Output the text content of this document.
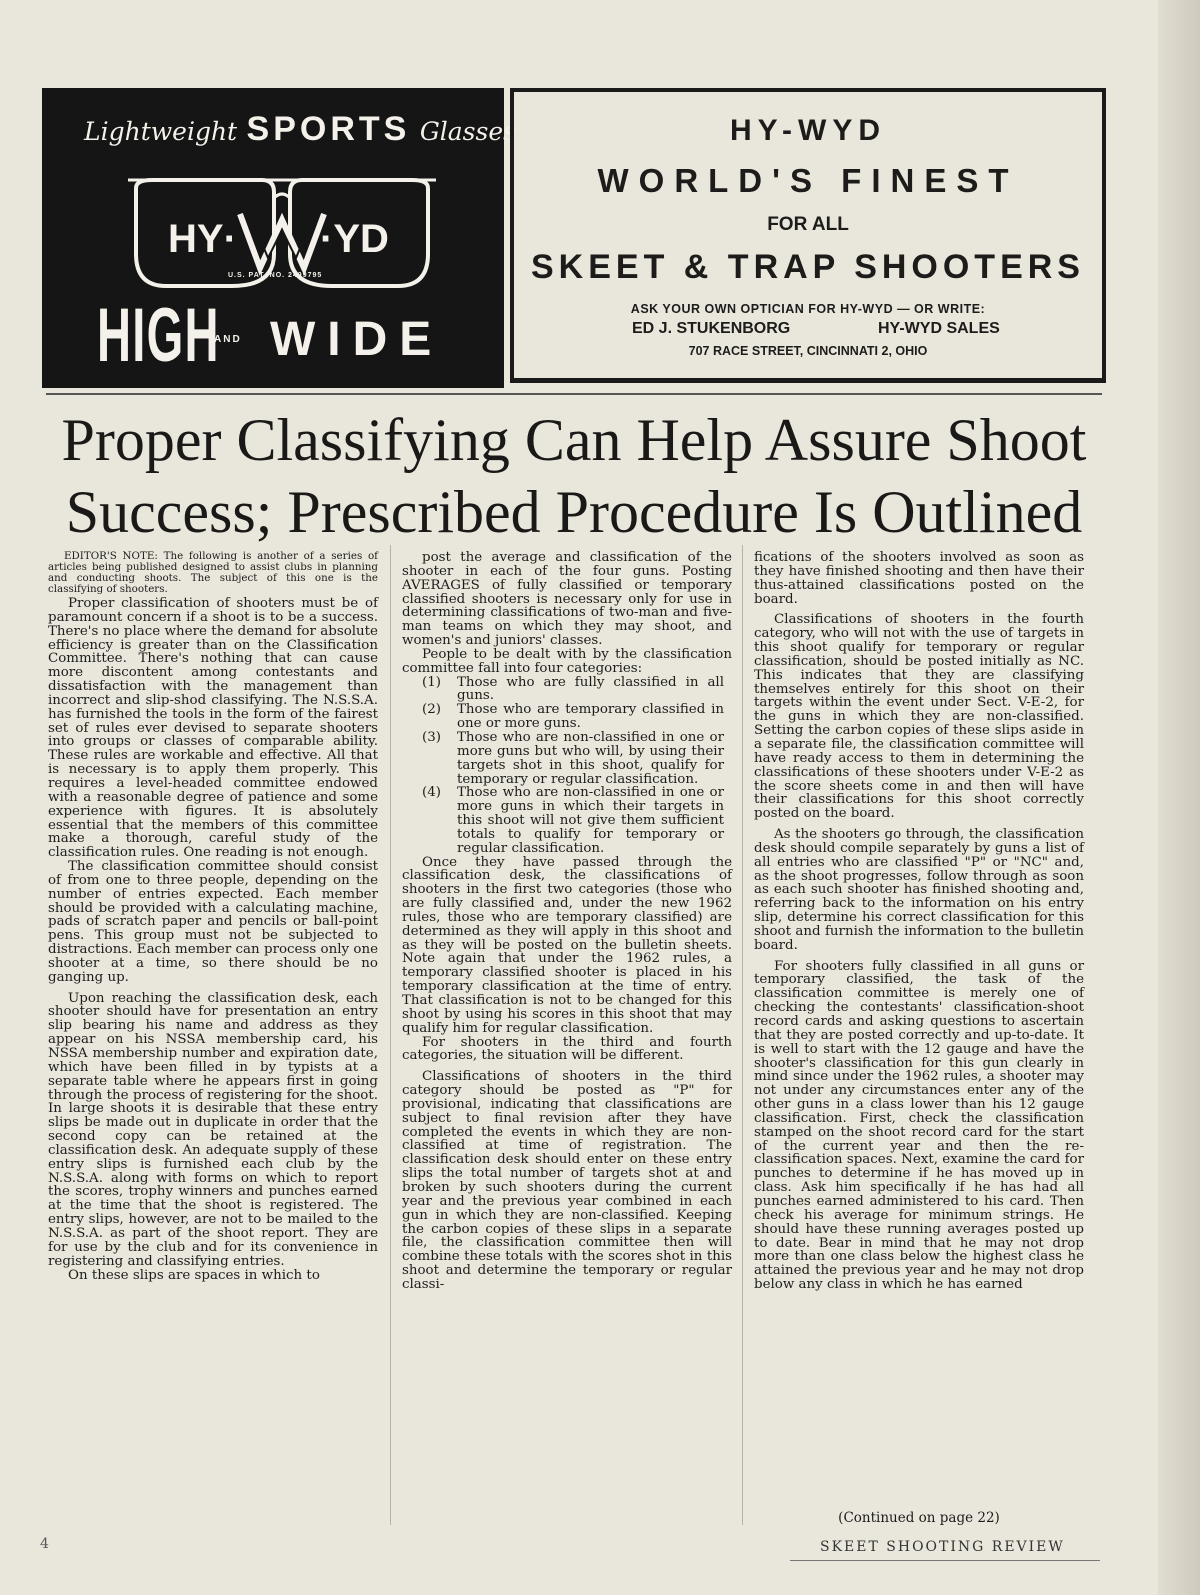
Lightweight SPORTS Glasses
HY· ·YD
U.S. PAT. NO. 2499795
HIGH
AND WIDE
HY-WYD
WORLD'S FINEST
FOR ALL
SKEET & TRAP SHOOTERS
ASK YOUR OWN OPTICIAN FOR HY-WYD — OR WRITE:
ED J. STUKENBORG	HY-WYD SALES
707 RACE STREET, CINCINNATI 2, OHIO
Proper Classifying Can Help Assure Shoot
Success; Prescribed Procedure Is Outlined

EDITOR'S NOTE: The following is another of a series of articles being published designed to assist clubs in planning and conducting shoots. The subject of this one is the classifying of shooters.

Proper classification of shooters must be of paramount concern if a shoot is to be a success. There's no place where the demand for absolute efficiency is greater than on the Classification Committee. There's nothing that can cause more discontent among contestants and dissatisfaction with the management than incorrect and slip-shod classifying. The N.S.S.A. has furnished the tools in the form of the fairest set of rules ever devised to separate shooters into groups or classes of comparable ability. These rules are workable and effective. All that is necessary is to apply them properly. This requires a level-headed committee endowed with a reasonable degree of patience and some experience with figures. It is absolutely essential that the members of this committee make a thorough, careful study of the classification rules. One reading is not enough.

The classification committee should consist of from one to three people, depending on the number of entries expected. Each member should be provided with a calculating machine, pads of scratch paper and pencils or ball-point pens. This group must not be subjected to distractions. Each member can process only one shooter at a time, so there should be no ganging up.

Upon reaching the classification desk, each shooter should have for presentation an entry slip bearing his name and address as they appear on his NSSA membership card, his NSSA membership number and expiration date, which have been filled in by typists at a separate table where he appears first in going through the process of registering for the shoot. In large shoots it is desirable that these entry slips be made out in duplicate in order that the second copy can be retained at the classification desk. An adequate supply of these entry slips is furnished each club by the N.S.S.A. along with forms on which to report the scores, trophy winners and punches earned at the time that the shoot is registered. The entry slips, however, are not to be mailed to the N.S.S.A. as part of the shoot report. They are for use by the club and for its convenience in registering and classifying entries.

On these slips are spaces in which to

post the average and classification of the shooter in each of the four guns. Posting AVERAGES of fully classified or temporary classified shooters is necessary only for use in determining classifications of two-man and five-man teams on which they may shoot, and women's and juniors' classes.

People to be dealt with by the classification committee fall into four categories:

(1) Those who are fully classified in all guns.
(2) Those who are temporary classified in one or more guns.
(3) Those who are non-classified in one or more guns but who will, by using their targets shot in this shoot, qualify for temporary or regular classification.
(4) Those who are non-classified in one or more guns in which their targets in this shoot will not give them sufficient totals to qualify for temporary or regular classification.

Once they have passed through the classification desk, the classifications of shooters in the first two categories (those who are fully classified and, under the new 1962 rules, those who are temporary classified) are determined as they will apply in this shoot and as they will be posted on the bulletin sheets. Note again that under the 1962 rules, a temporary classified shooter is placed in his temporary classification at the time of entry. That classification is not to be changed for this shoot by using his scores in this shoot that may qualify him for regular classification.

For shooters in the third and fourth categories, the situation will be different.

Classifications of shooters in the third category should be posted as "P" for provisional, indicating that classifications are subject to final revision after they have completed the events in which they are non-classified at time of registration. The classification desk should enter on these entry slips the total number of targets shot at and broken by such shooters during the current year and the previous year combined in each gun in which they are non-classified. Keeping the carbon copies of these slips in a separate file, the classification committee then will combine these totals with the scores shot in this shoot and determine the temporary or regular classi-

fications of the shooters involved as soon as they have finished shooting and then have their thus-attained classifications posted on the board.

Classifications of shooters in the fourth category, who will not with the use of targets in this shoot qualify for temporary or regular classification, should be posted initially as NC. This indicates that they are classifying themselves entirely for this shoot on their targets within the event under Sect. V-E-2, for the guns in which they are non-classified. Setting the carbon copies of these slips aside in a separate file, the classification committee will have ready access to them in determining the classifications of these shooters under V-E-2 as the score sheets come in and then will have their classifications for this shoot correctly posted on the board.

As the shooters go through, the classification desk should compile separately by guns a list of all entries who are classified "P" or "NC" and, as the shoot progresses, follow through as soon as each such shooter has finished shooting and, referring back to the information on his entry slip, determine his correct classification for this shoot and furnish the information to the bulletin board.

For shooters fully classified in all guns or temporary classified, the task of the classification committee is merely one of checking the contestants' classification-shoot record cards and asking questions to ascertain that they are posted correctly and up-to-date. It is well to start with the 12 gauge and have the shooter's classification for this gun clearly in mind since under the 1962 rules, a shooter may not under any circumstances enter any of the other guns in a class lower than his 12 gauge classification. First, check the classification stamped on the shoot record card for the start of the current year and then the re-classification spaces. Next, examine the card for punches to determine if he has moved up in class. Ask him specifically if he has had all punches earned administered to his card. Then check his average for minimum strings. He should have these running averages posted up to date. Bear in mind that he may not drop more than one class below the highest class he attained the previous year and he may not drop below any class in which he has earned

(Continued on page 22)
4	SKEET SHOOTING REVIEW
